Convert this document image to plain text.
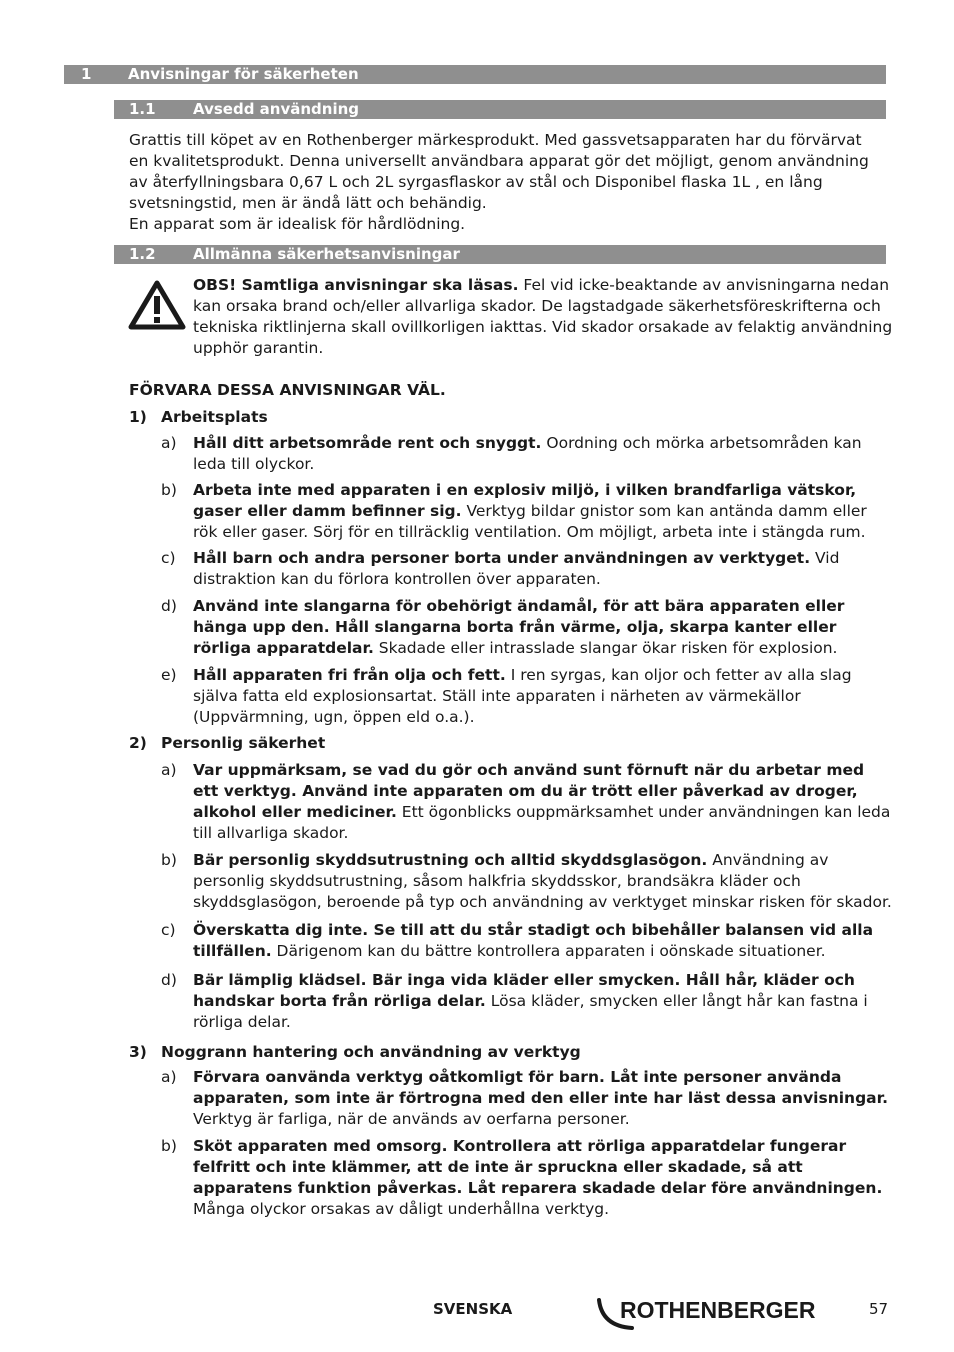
1 Anvisningar för säkerheten
1.1 Avsedd användning

Grattis till köpet av en Rothenberger märkesprodukt. Med gassvetsapparaten har du förvärvat en kvalitetsprodukt. Denna universellt användbara apparat gör det möjligt, genom användning av återfyllningsbara 0,67 L och 2L syrgasflaskor av stål och Disponibel flaska 1L , en lång svetsningstid, men är ändå lätt och behändig.
En apparat som är idealisk för hårdlödning.

1.2 Allmänna säkerhetsanvisningar

OBS! Samtliga anvisningar ska läsas. Fel vid icke-beaktande av anvisningarna nedan kan orsaka brand och/eller allvarliga skador. De lagstadgade säkerhetsföreskrifterna och tekniska riktlinjerna skall ovillkorligen iakttas. Vid skador orsakade av felaktig användning upphör garantin.

FÖRVARA DESSA ANVISNINGAR VÄL.

1) Arbeitsplats
a) Håll ditt arbetsområde rent och snyggt. Oordning och mörka arbetsområden kan leda till olyckor.

b) Arbeta inte med apparaten i en explosiv miljö, i vilken brandfarliga vätskor, gaser eller damm befinner sig. Verktyg bildar gnistor som kan antända damm eller rök eller gaser. Sörj för en tillräcklig ventilation. Om möjligt, arbeta inte i stängda rum.

c) Håll barn och andra personer borta under användningen av verktyget. Vid distraktion kan du förlora kontrollen över apparaten.

d) Använd inte slangarna för obehörigt ändamål, för att bära apparaten eller hänga upp den. Håll slangarna borta från värme, olja, skarpa kanter eller rörliga apparatdelar. Skadade eller intrasslade slangar ökar risken för explosion.

e) Håll apparaten fri från olja och fett. I ren syrgas, kan oljor och fetter av alla slag själva fatta eld explosionsartat. Ställ inte apparaten i närheten av värmekällor (Uppvärmning, ugn, öppen eld o.a.).

2) Personlig säkerhet
a) Var uppmärksam, se vad du gör och använd sunt förnuft när du arbetar med ett verktyg. Använd inte apparaten om du är trött eller påverkad av droger, alkohol eller mediciner. Ett ögonblicks ouppmärksamhet under användningen kan leda till allvarliga skador.

b) Bär personlig skyddsutrustning och alltid skyddsglasögon. Användning av personlig skyddsutrustning, såsom halkfria skyddsskor, brandsäkra kläder och skyddsglasögon, beroende på typ och användning av verktyget minskar risken för skador.

c) Överskatta dig inte. Se till att du står stadigt och bibehåller balansen vid alla tillfällen. Därigenom kan du bättre kontrollera apparaten i oönskade situationer.

d) Bär lämplig klädsel. Bär inga vida kläder eller smycken. Håll hår, kläder och handskar borta från rörliga delar. Lösa kläder, smycken eller långt hår kan fastna i rörliga delar.

3) Noggrann hantering och användning av verktyg
a) Förvara oanvända verktyg oåtkomligt för barn. Låt inte personer använda apparaten, som inte är förtrogna med den eller inte har läst dessa anvisningar. Verktyg är farliga, när de används av oerfarna personer.

b) Sköt apparaten med omsorg. Kontrollera att rörliga apparatdelar fungerar felfritt och inte klämmer, att de inte är spruckna eller skadade, så att apparatens funktion påverkas. Låt reparera skadade delar före användningen. Många olyckor orsakas av dåligt underhållna verktyg.

SVENSKA	ROTHENBERGER	57
